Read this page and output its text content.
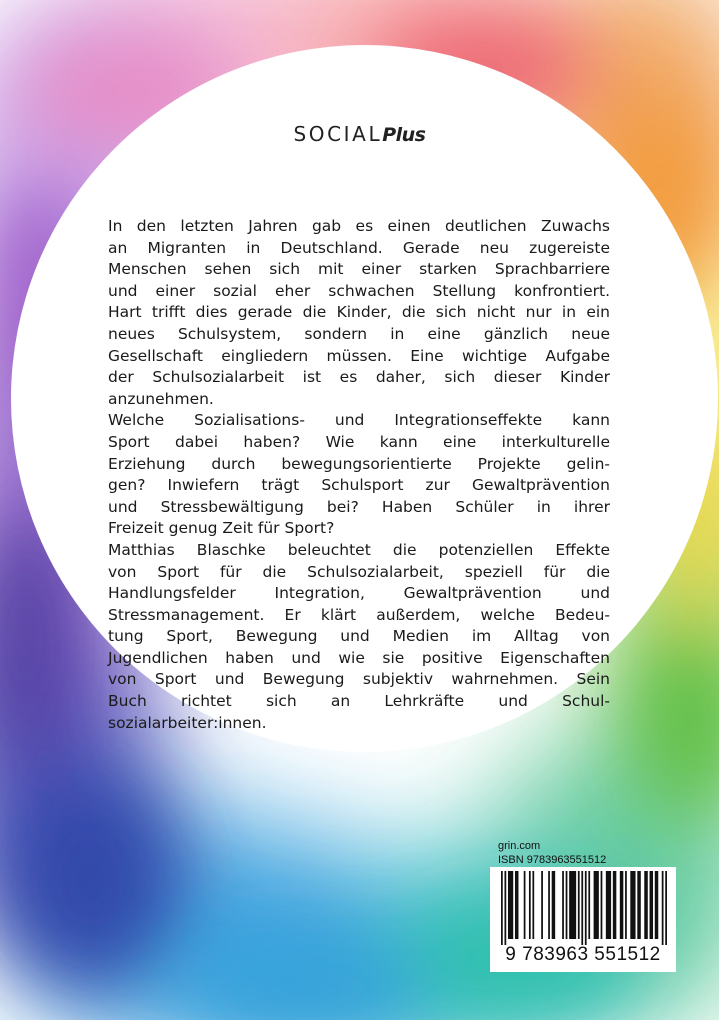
SOCIALPlus
In den letzten Jahren gab es einen deutlichen Zuwachs
an Migranten in Deutschland. Gerade neu zugereiste
Menschen sehen sich mit einer starken Sprachbarriere
und einer sozial eher schwachen Stellung konfrontiert.
Hart trifft dies gerade die Kinder, die sich nicht nur in ein
neues Schulsystem, sondern in eine gänzlich neue
Gesellschaft eingliedern müssen. Eine wichtige Aufgabe
der Schulsozialarbeit ist es daher, sich dieser Kinder
anzunehmen.
Welche Sozialisations- und Integrationseffekte kann
Sport dabei haben? Wie kann eine interkulturelle
Erziehung durch bewegungsorientierte Projekte gelin-
gen? Inwiefern trägt Schulsport zur Gewaltprävention
und Stressbewältigung bei? Haben Schüler in ihrer
Freizeit genug Zeit für Sport?
Matthias Blaschke beleuchtet die potenziellen Effekte
von Sport für die Schulsozialarbeit, speziell für die
Handlungsfelder Integration, Gewaltprävention und
Stressmanagement. Er klärt außerdem, welche Bedeu-
tung Sport, Bewegung und Medien im Alltag von
Jugendlichen haben und wie sie positive Eigenschaften
von Sport und Bewegung subjektiv wahrnehmen. Sein
Buch richtet sich an Lehrkräfte und Schul-
sozialarbeiter:innen.
grin.com
ISBN 9783963551512
9 783963 551512
